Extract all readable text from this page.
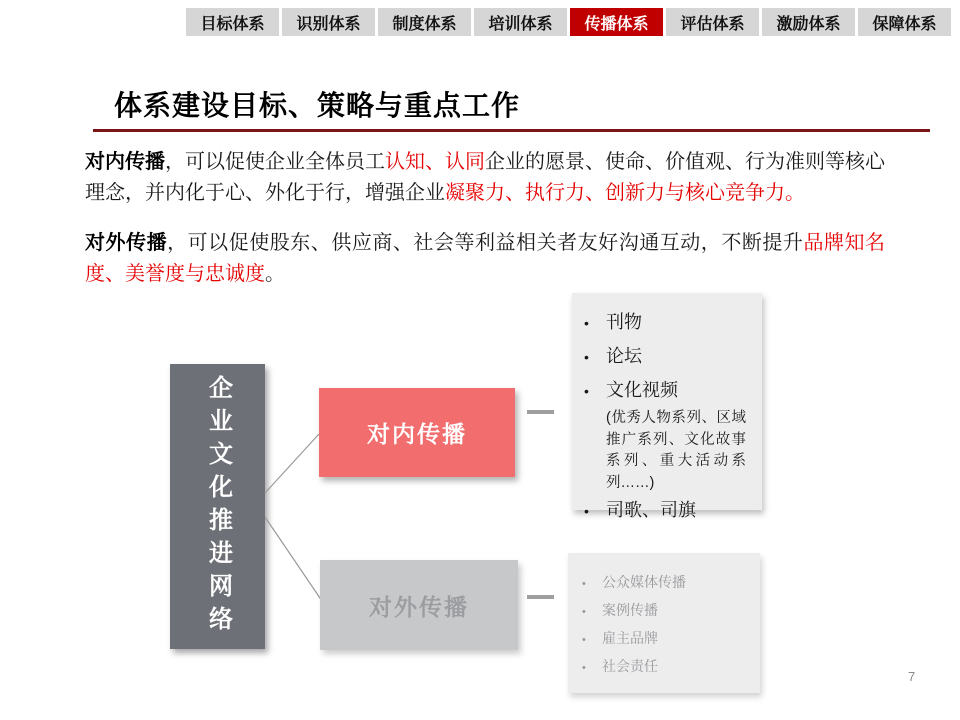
目标体系	识别体系	制度体系	培训体系	传播体系	评估体系	激励体系	保障体系
体系建设目标、策略与重点工作
对内传播，可以促使企业全体员工认知、认同企业的愿景、使命、价值观、行为准则等核心理念，并内化于心、外化于行，增强企业凝聚力、执行力、创新力与核心竞争力。
对外传播，可以促使股东、供应商、社会等利益相关者友好沟通互动，不断提升品牌知名度、美誉度与忠诚度。
企业文化推进网络	对内传播
对外传播
• 刊物
• 论坛
• 文化视频
(优秀人物系列、区域推广系列、文化故事系列、重大活动系列……)
• 司歌、司旗
•	公众媒体传播
•	案例传播
•	雇主品牌
•	社会责任
7
